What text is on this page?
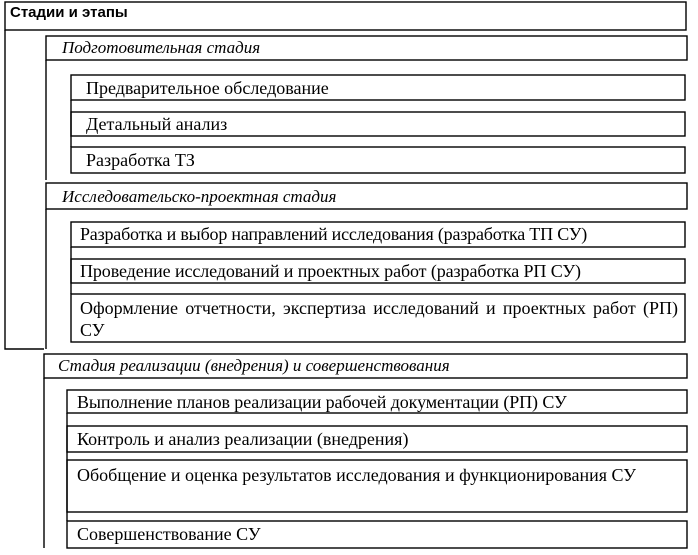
Стадии и этапы
Подготовительная стадия
Предварительное обследование
Детальный анализ
Разработка ТЗ
Исследовательско-проектная стадия
Разработка и выбор направлений исследования (разработка ТП СУ)
Проведение исследований и проектных работ (разработка РП СУ)
Оформление отчетности, экспертиза исследований и проектных работ (РП) СУ
Стадия реализации (внедрения) и совершенствования
Выполнение планов реализации рабочей документации (РП) СУ
Контроль и анализ реализации (внедрения)
Обобщение и оценка результатов исследования и функционирования СУ
Совершенствование СУ
